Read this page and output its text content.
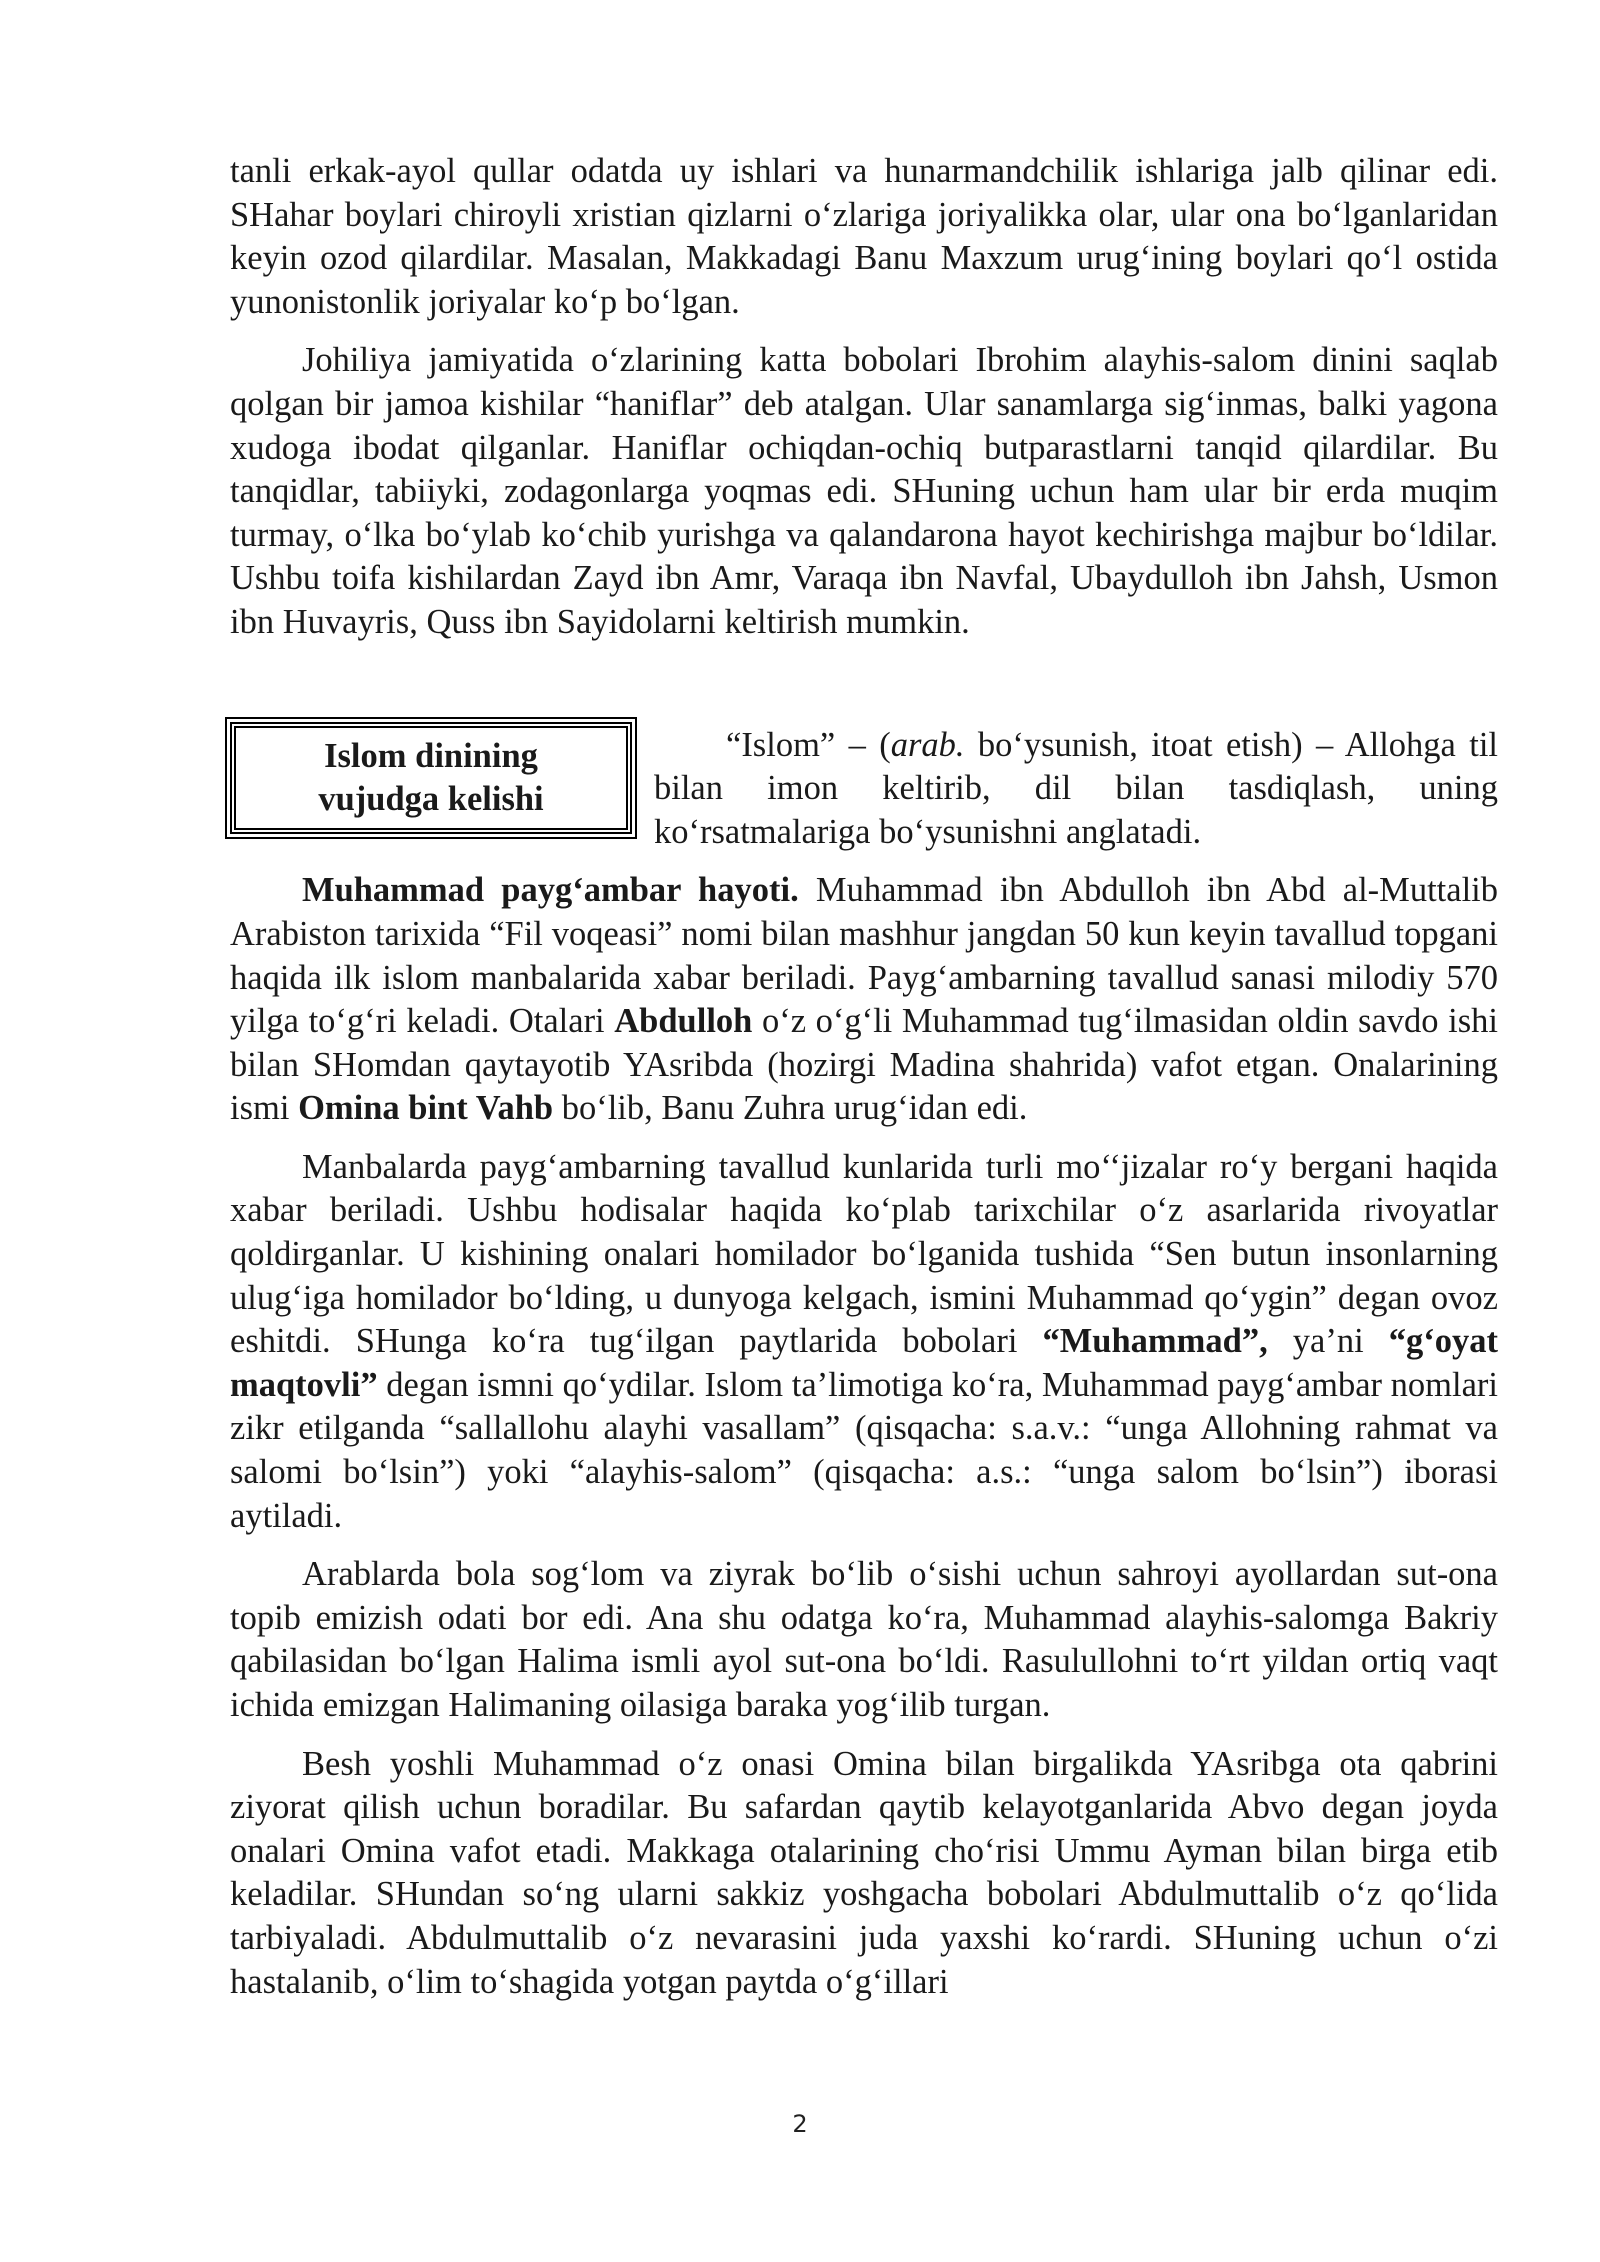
tanli erkak-ayol qullar odatda uy ishlari va hunarmandchilik ishlariga jalb qilinar edi. SHahar boylari chiroyli xristian qizlarni o‘zlariga joriyalikka olar, ular ona bo‘lganlaridan keyin ozod qilardilar. Masalan, Makkadagi Banu Maxzum urug‘ining boylari qo‘l ostida yunonistonlik joriyalar ko‘p bo‘lgan.

Johiliya jamiyatida o‘zlarining katta bobolari Ibrohim alayhis-salom dinini saqlab qolgan bir jamoa kishilar “haniflar” deb atalgan. Ular sanamlarga sig‘inmas, balki yagona xudoga ibodat qilganlar. Haniflar ochiqdan-ochiq butparastlarni tanqid qilardilar. Bu tanqidlar, tabiiyki, zodagonlarga yoqmas edi. SHuning uchun ham ular bir erda muqim turmay, o‘lka bo‘ylab ko‘chib yurishga va qalandarona hayot kechirishga majbur bo‘ldilar. Ushbu toifa kishilardan Zayd ibn Amr, Varaqa ibn Navfal, Ubaydulloh ibn Jahsh, Usmon ibn Huvayris, Quss ibn Sayidolarni keltirish mumkin.

Islom dinining
vujudga kelishi

“Islom” – (arab. bo‘ysunish, itoat etish) – Allohga til bilan imon keltirib, dil bilan tasdiqlash, uning ko‘rsatmalariga bo‘ysunishni anglatadi.

Muhammad payg‘ambar hayoti. Muhammad ibn Abdulloh ibn Abd al-Muttalib Arabiston tarixida “Fil voqeasi” nomi bilan mashhur jangdan 50 kun keyin tavallud topgani haqida ilk islom manbalarida xabar beriladi. Payg‘ambarning tavallud sanasi milodiy 570 yilga to‘g‘ri keladi. Otalari Abdulloh o‘z o‘g‘li Muhammad tug‘ilmasidan oldin savdo ishi bilan SHomdan qaytayotib YAsribda (hozirgi Madina shahrida) vafot etgan. Onalarining ismi Omina bint Vahb bo‘lib, Banu Zuhra urug‘idan edi.

Manbalarda payg‘ambarning tavallud kunlarida turli mo‘‘jizalar ro‘y bergani haqida xabar beriladi. Ushbu hodisalar haqida ko‘plab tarixchilar o‘z asarlarida rivoyatlar qoldirganlar. U kishining onalari homilador bo‘lganida tushida “Sen butun insonlarning ulug‘iga homilador bo‘lding, u dunyoga kelgach, ismini Muhammad qo‘ygin” degan ovoz eshitdi. SHunga ko‘ra tug‘ilgan paytlarida bobolari “Muhammad”, ya’ni “g‘oyat maqtovli” degan ismni qo‘ydilar. Islom ta’limotiga ko‘ra, Muhammad payg‘ambar nomlari zikr etilganda “sallallohu alayhi vasallam” (qisqacha: s.a.v.: “unga Allohning rahmat va salomi bo‘lsin”) yoki “alayhis-salom” (qisqacha: a.s.: “unga salom bo‘lsin”) iborasi aytiladi.

Arablarda bola sog‘lom va ziyrak bo‘lib o‘sishi uchun sahroyi ayollardan sut-ona topib emizish odati bor edi. Ana shu odatga ko‘ra, Muhammad alayhis-salomga Bakriy qabilasidan bo‘lgan Halima ismli ayol sut-ona bo‘ldi. Rasulullohni to‘rt yildan ortiq vaqt ichida emizgan Halimaning oilasiga baraka yog‘ilib turgan.

Besh yoshli Muhammad o‘z onasi Omina bilan birgalikda YAsribga ota qabrini ziyorat qilish uchun boradilar. Bu safardan qaytib kelayotganlarida Abvo degan joyda onalari Omina vafot etadi. Makkaga otalarining cho‘risi Ummu Ayman bilan birga etib keladilar. SHundan so‘ng ularni sakkiz yoshgacha bobolari Abdulmuttalib o‘z qo‘lida tarbiyaladi. Abdulmuttalib o‘z nevarasini juda yaxshi ko‘rardi. SHuning uchun o‘zi hastalanib, o‘lim to‘shagida yotgan paytda o‘g‘illari

2
